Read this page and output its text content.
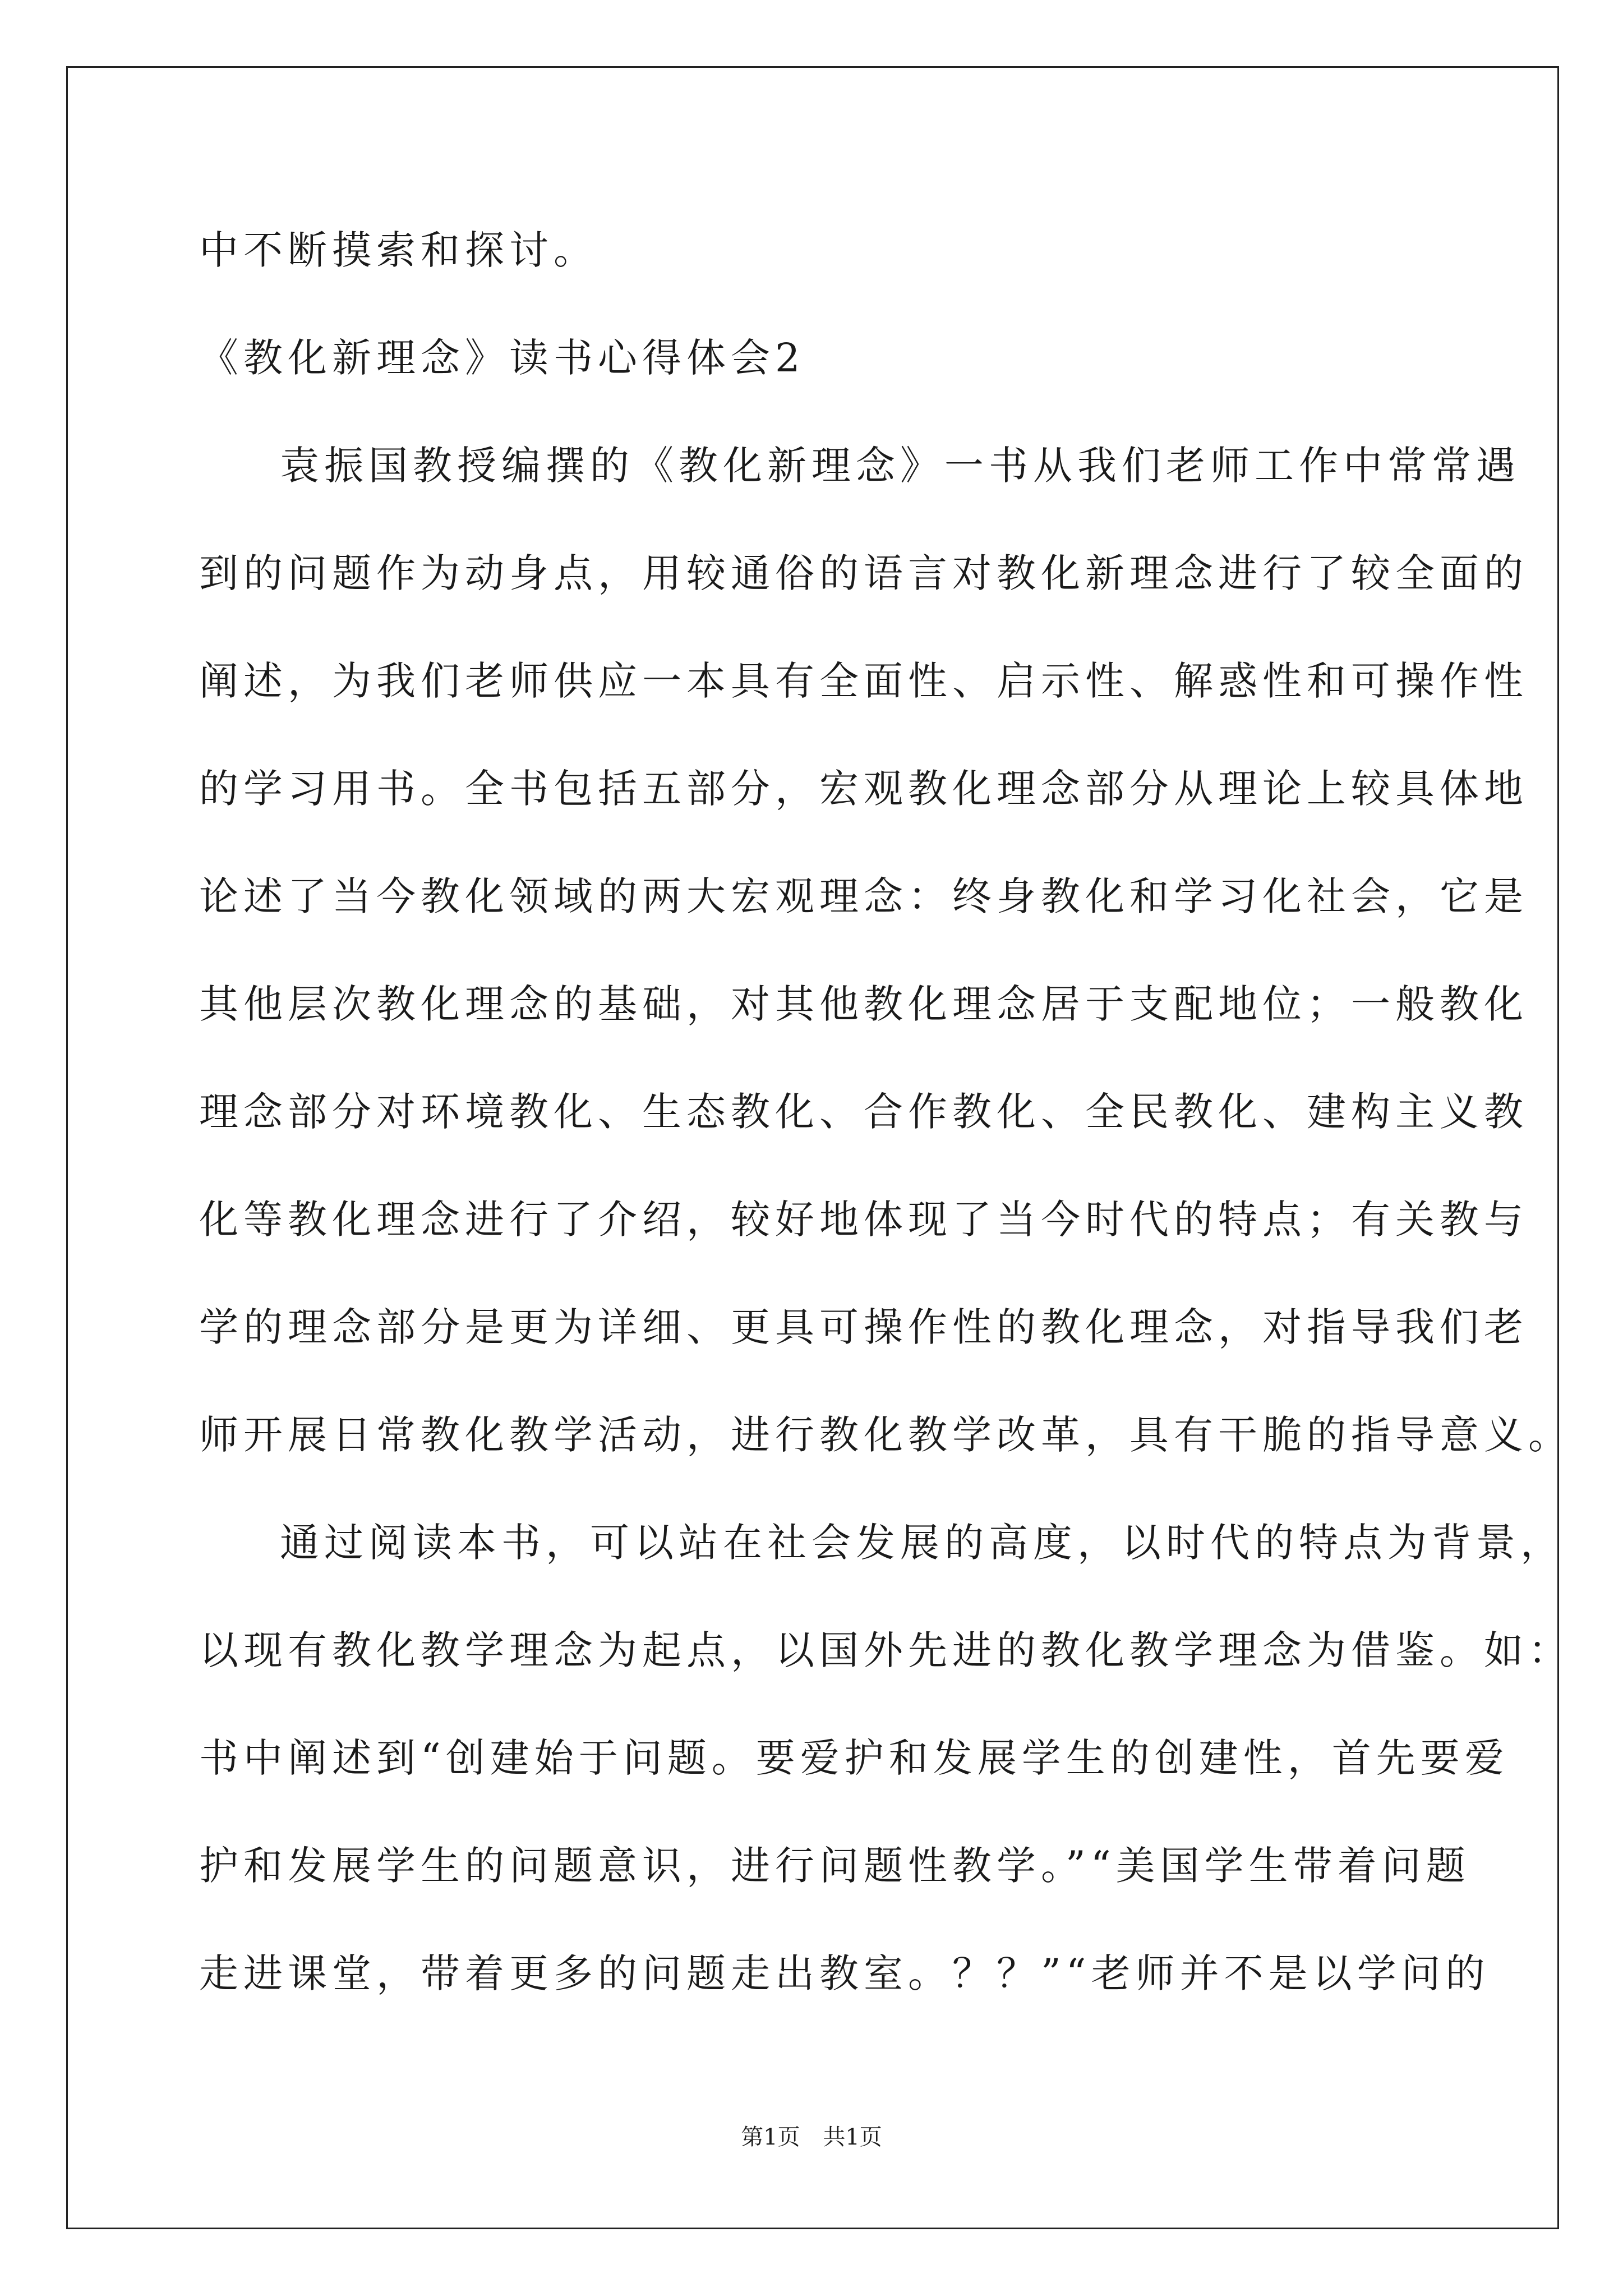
中不断摸索和探讨。
《教化新理念》读书心得体会2
袁振国教授编撰的《教化新理念》一书从我们老师工作中常常遇
到的问题作为动身点，用较通俗的语言对教化新理念进行了较全面的
阐述，为我们老师供应一本具有全面性、启示性、解惑性和可操作性
的学习用书。全书包括五部分，宏观教化理念部分从理论上较具体地
论述了当今教化领域的两大宏观理念：终身教化和学习化社会，它是
其他层次教化理念的基础，对其他教化理念居于支配地位；一般教化
理念部分对环境教化、生态教化、合作教化、全民教化、建构主义教
化等教化理念进行了介绍，较好地体现了当今时代的特点；有关教与
学的理念部分是更为详细、更具可操作性的教化理念，对指导我们老
师开展日常教化教学活动，进行教化教学改革，具有干脆的指导意义。
通过阅读本书，可以站在社会发展的高度，以时代的特点为背景，
以现有教化教学理念为起点，以国外先进的教化教学理念为借鉴。如：
书中阐述到“创建始于问题。要爱护和发展学生的创建性，首先要爱
护和发展学生的问题意识，进行问题性教学。”“美国学生带着问题
走进课堂，带着更多的问题走出教室。？？”“老师并不是以学问的
第1页 共1页
